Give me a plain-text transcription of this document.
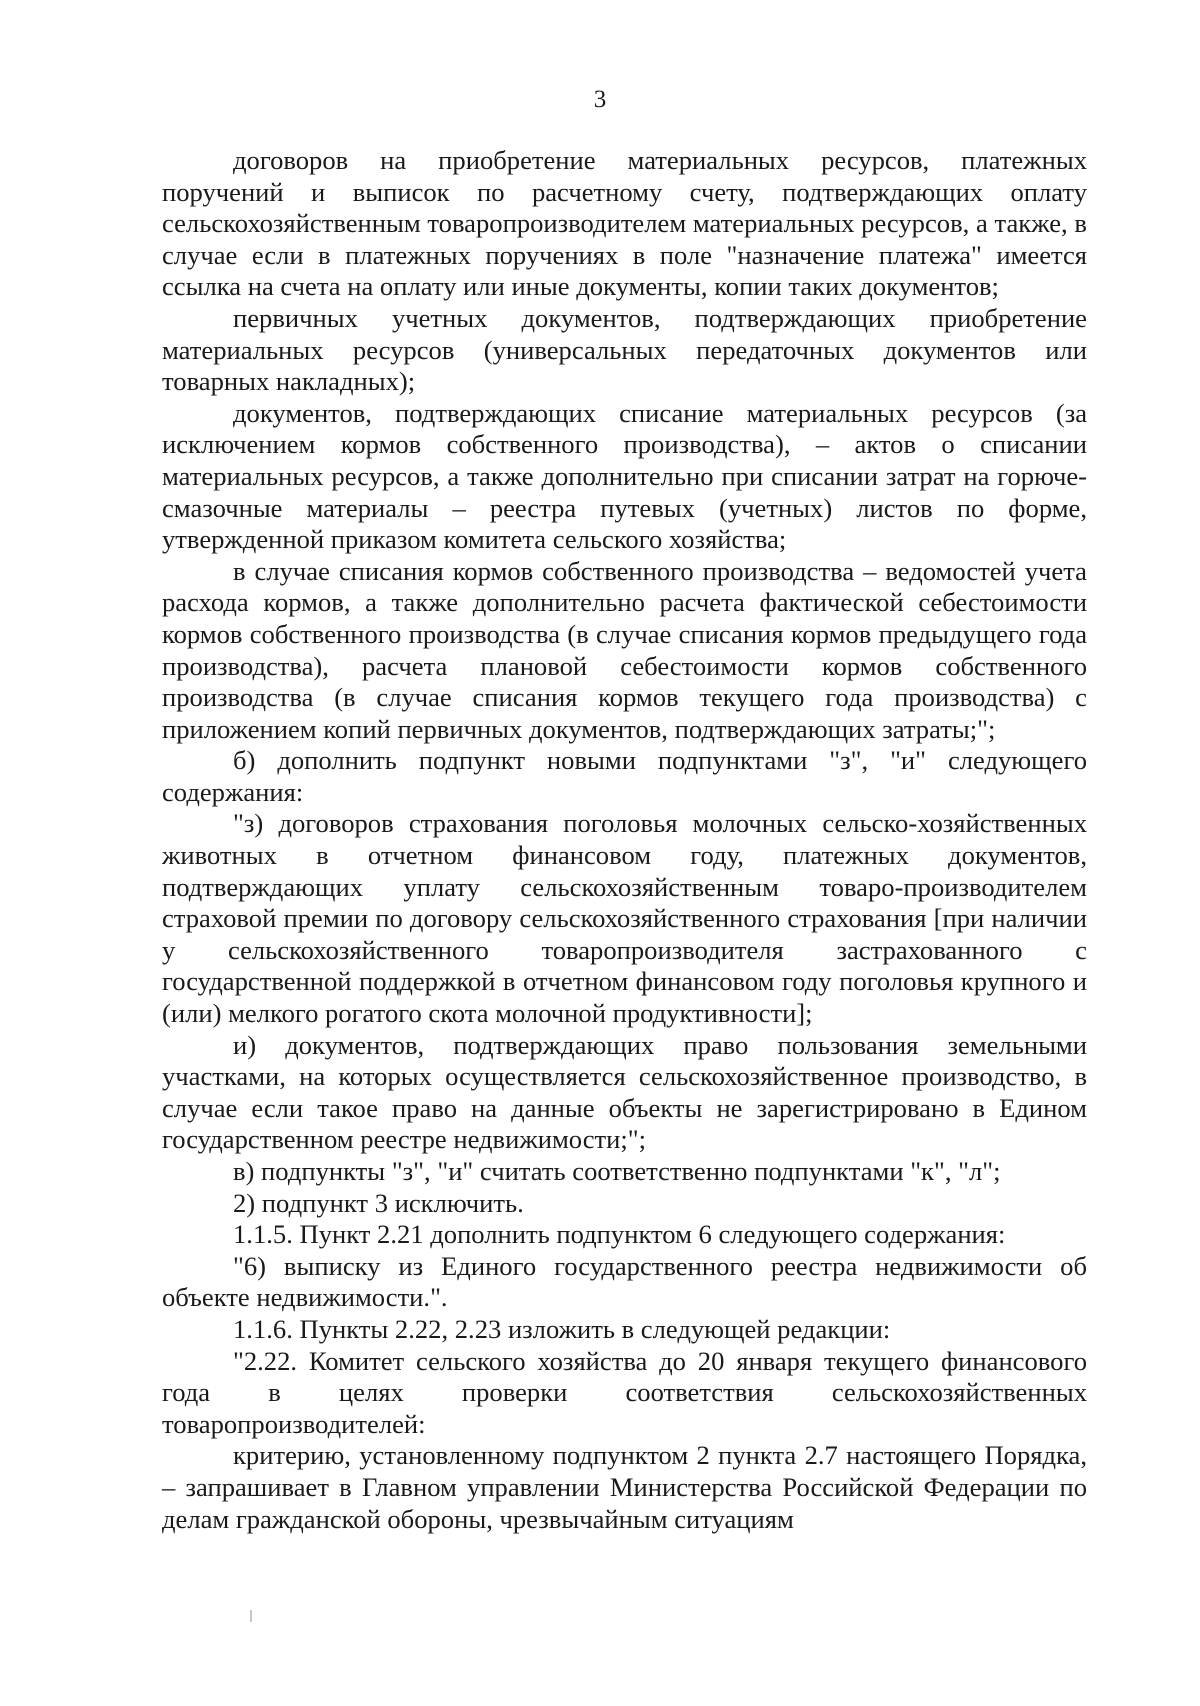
3

договоров на приобретение материальных ресурсов, платежных поручений и выписок по расчетному счету, подтверждающих оплату сельскохозяйственным товаропроизводителем материальных ресурсов, а также, в случае если в платежных поручениях в поле "назначение платежа" имеется ссылка на счета на оплату или иные документы, копии таких документов;

первичных учетных документов, подтверждающих приобретение материальных ресурсов (универсальных передаточных документов или товарных накладных);

документов, подтверждающих списание материальных ресурсов (за исключением кормов собственного производства), – актов о списании материальных ресурсов, а также дополнительно при списании затрат на горюче-смазочные материалы – реестра путевых (учетных) листов по форме, утвержденной приказом комитета сельского хозяйства;

в случае списания кормов собственного производства – ведомостей учета расхода кормов, а также дополнительно расчета фактической себестоимости кормов собственного производства (в случае списания кормов предыдущего года производства), расчета плановой себестоимости кормов собственного производства (в случае списания кормов текущего года производства) с приложением копий первичных документов, подтверждающих затраты;";

б) дополнить подпункт новыми подпунктами "з", "и" следующего содержания:

"з) договоров страхования поголовья молочных сельско-хозяйственных животных в отчетном финансовом году, платежных документов, подтверждающих уплату сельскохозяйственным товаро-производителем страховой премии по договору сельскохозяйственного страхования [при наличии у сельскохозяйственного товаропроизводителя застрахованного с государственной поддержкой в отчетном финансовом году поголовья крупного и (или) мелкого рогатого скота молочной продуктивности];

и) документов, подтверждающих право пользования земельными участками, на которых осуществляется сельскохозяйственное производство, в случае если такое право на данные объекты не зарегистрировано в Едином государственном реестре недвижимости;";

в) подпункты "з", "и" считать соответственно подпунктами "к", "л";

2) подпункт 3 исключить.

1.1.5. Пункт 2.21 дополнить подпунктом 6 следующего содержания:

"6) выписку из Единого государственного реестра недвижимости об объекте недвижимости.".

1.1.6. Пункты 2.22, 2.23 изложить в следующей редакции:

"2.22. Комитет сельского хозяйства до 20 января текущего финансового года в целях проверки соответствия сельскохозяйственных товаропроизводителей:

критерию, установленному подпунктом 2 пункта 2.7 настоящего Порядка, – запрашивает в Главном управлении Министерства Российской Федерации по делам гражданской обороны, чрезвычайным ситуациям
